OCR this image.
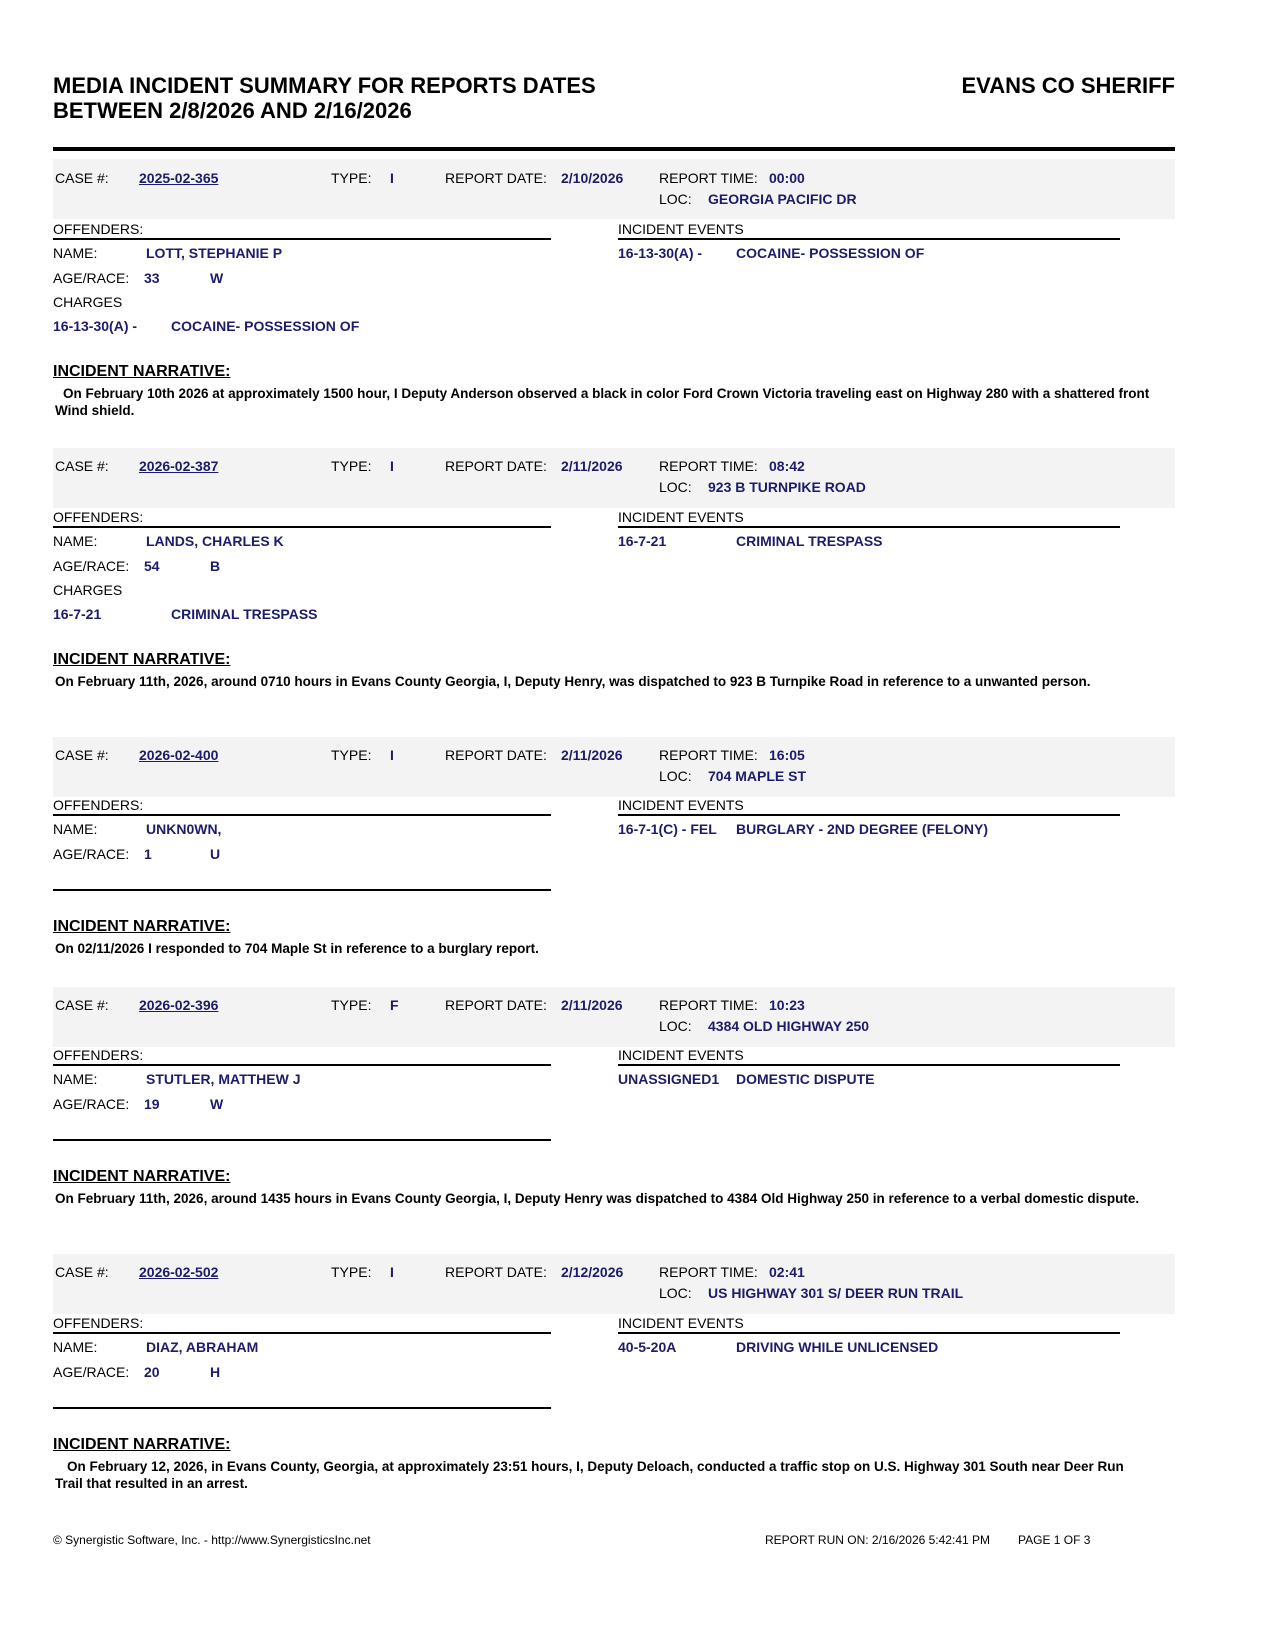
MEDIA INCIDENT SUMMARY FOR REPORTS DATES
BETWEEN 2/8/2026 AND 2/16/2026
EVANS CO SHERIFF
CASE #: 2025-02-365	TYPE: I	REPORT DATE: 2/10/2026	REPORT TIME: 00:00
LOC: GEORGIA PACIFIC DR
OFFENDERS:	INCIDENT EVENTS
NAME:	LOTT, STEPHANIE P	16-13-30(A) - COCAINE- POSSESSION OF
AGE/RACE: 33	W
CHARGES
16-13-30(A) - COCAINE- POSSESSION OF
INCIDENT NARRATIVE:
On February 10th 2026 at approximately 1500 hour, I Deputy Anderson observed a black in color Ford Crown Victoria traveling east on Highway 280 with a shattered front Wind shield.
CASE #: 2026-02-387	TYPE: I	REPORT DATE: 2/11/2026	REPORT TIME: 08:42
LOC: 923 B TURNPIKE ROAD
OFFENDERS:	INCIDENT EVENTS
NAME:	LANDS, CHARLES K	16-7-21	CRIMINAL TRESPASS
AGE/RACE: 54	B
CHARGES
16-7-21	CRIMINAL TRESPASS
INCIDENT NARRATIVE:
On February 11th, 2026, around 0710 hours in Evans County Georgia, I, Deputy Henry, was dispatched to 923 B Turnpike Road in reference to a unwanted person.
CASE #: 2026-02-400	TYPE: I	REPORT DATE: 2/11/2026	REPORT TIME: 16:05
LOC: 704 MAPLE ST
OFFENDERS:	INCIDENT EVENTS
NAME:	UNKN0WN,	16-7-1(C) - FEL BURGLARY - 2ND DEGREE (FELONY)
AGE/RACE: 1	U
INCIDENT NARRATIVE:
On 02/11/2026 I responded to 704 Maple St in reference to a burglary report.
CASE #: 2026-02-396	TYPE: F	REPORT DATE: 2/11/2026	REPORT TIME: 10:23
LOC: 4384 OLD HIGHWAY 250
OFFENDERS:	INCIDENT EVENTS
NAME:	STUTLER, MATTHEW J	UNASSIGNED1 DOMESTIC DISPUTE
AGE/RACE: 19	W
INCIDENT NARRATIVE:
On February 11th, 2026, around 1435 hours in Evans County Georgia, I, Deputy Henry was dispatched to 4384 Old Highway 250 in reference to a verbal domestic dispute.
CASE #: 2026-02-502	TYPE: I	REPORT DATE: 2/12/2026	REPORT TIME: 02:41
LOC: US HIGHWAY 301 S/ DEER RUN TRAIL
OFFENDERS:	INCIDENT EVENTS
NAME:	DIAZ, ABRAHAM	40-5-20A	DRIVING WHILE UNLICENSED
AGE/RACE: 20	H
INCIDENT NARRATIVE:
On February 12, 2026, in Evans County, Georgia, at approximately 23:51 hours, I, Deputy Deloach, conducted a traffic stop on U.S. Highway 301 South near Deer Run Trail that resulted in an arrest.
© Synergistic Software, Inc. - http://www.SynergisticsInc.net	REPORT RUN ON: 2/16/2026 5:42:41 PM PAGE 1 OF 3
